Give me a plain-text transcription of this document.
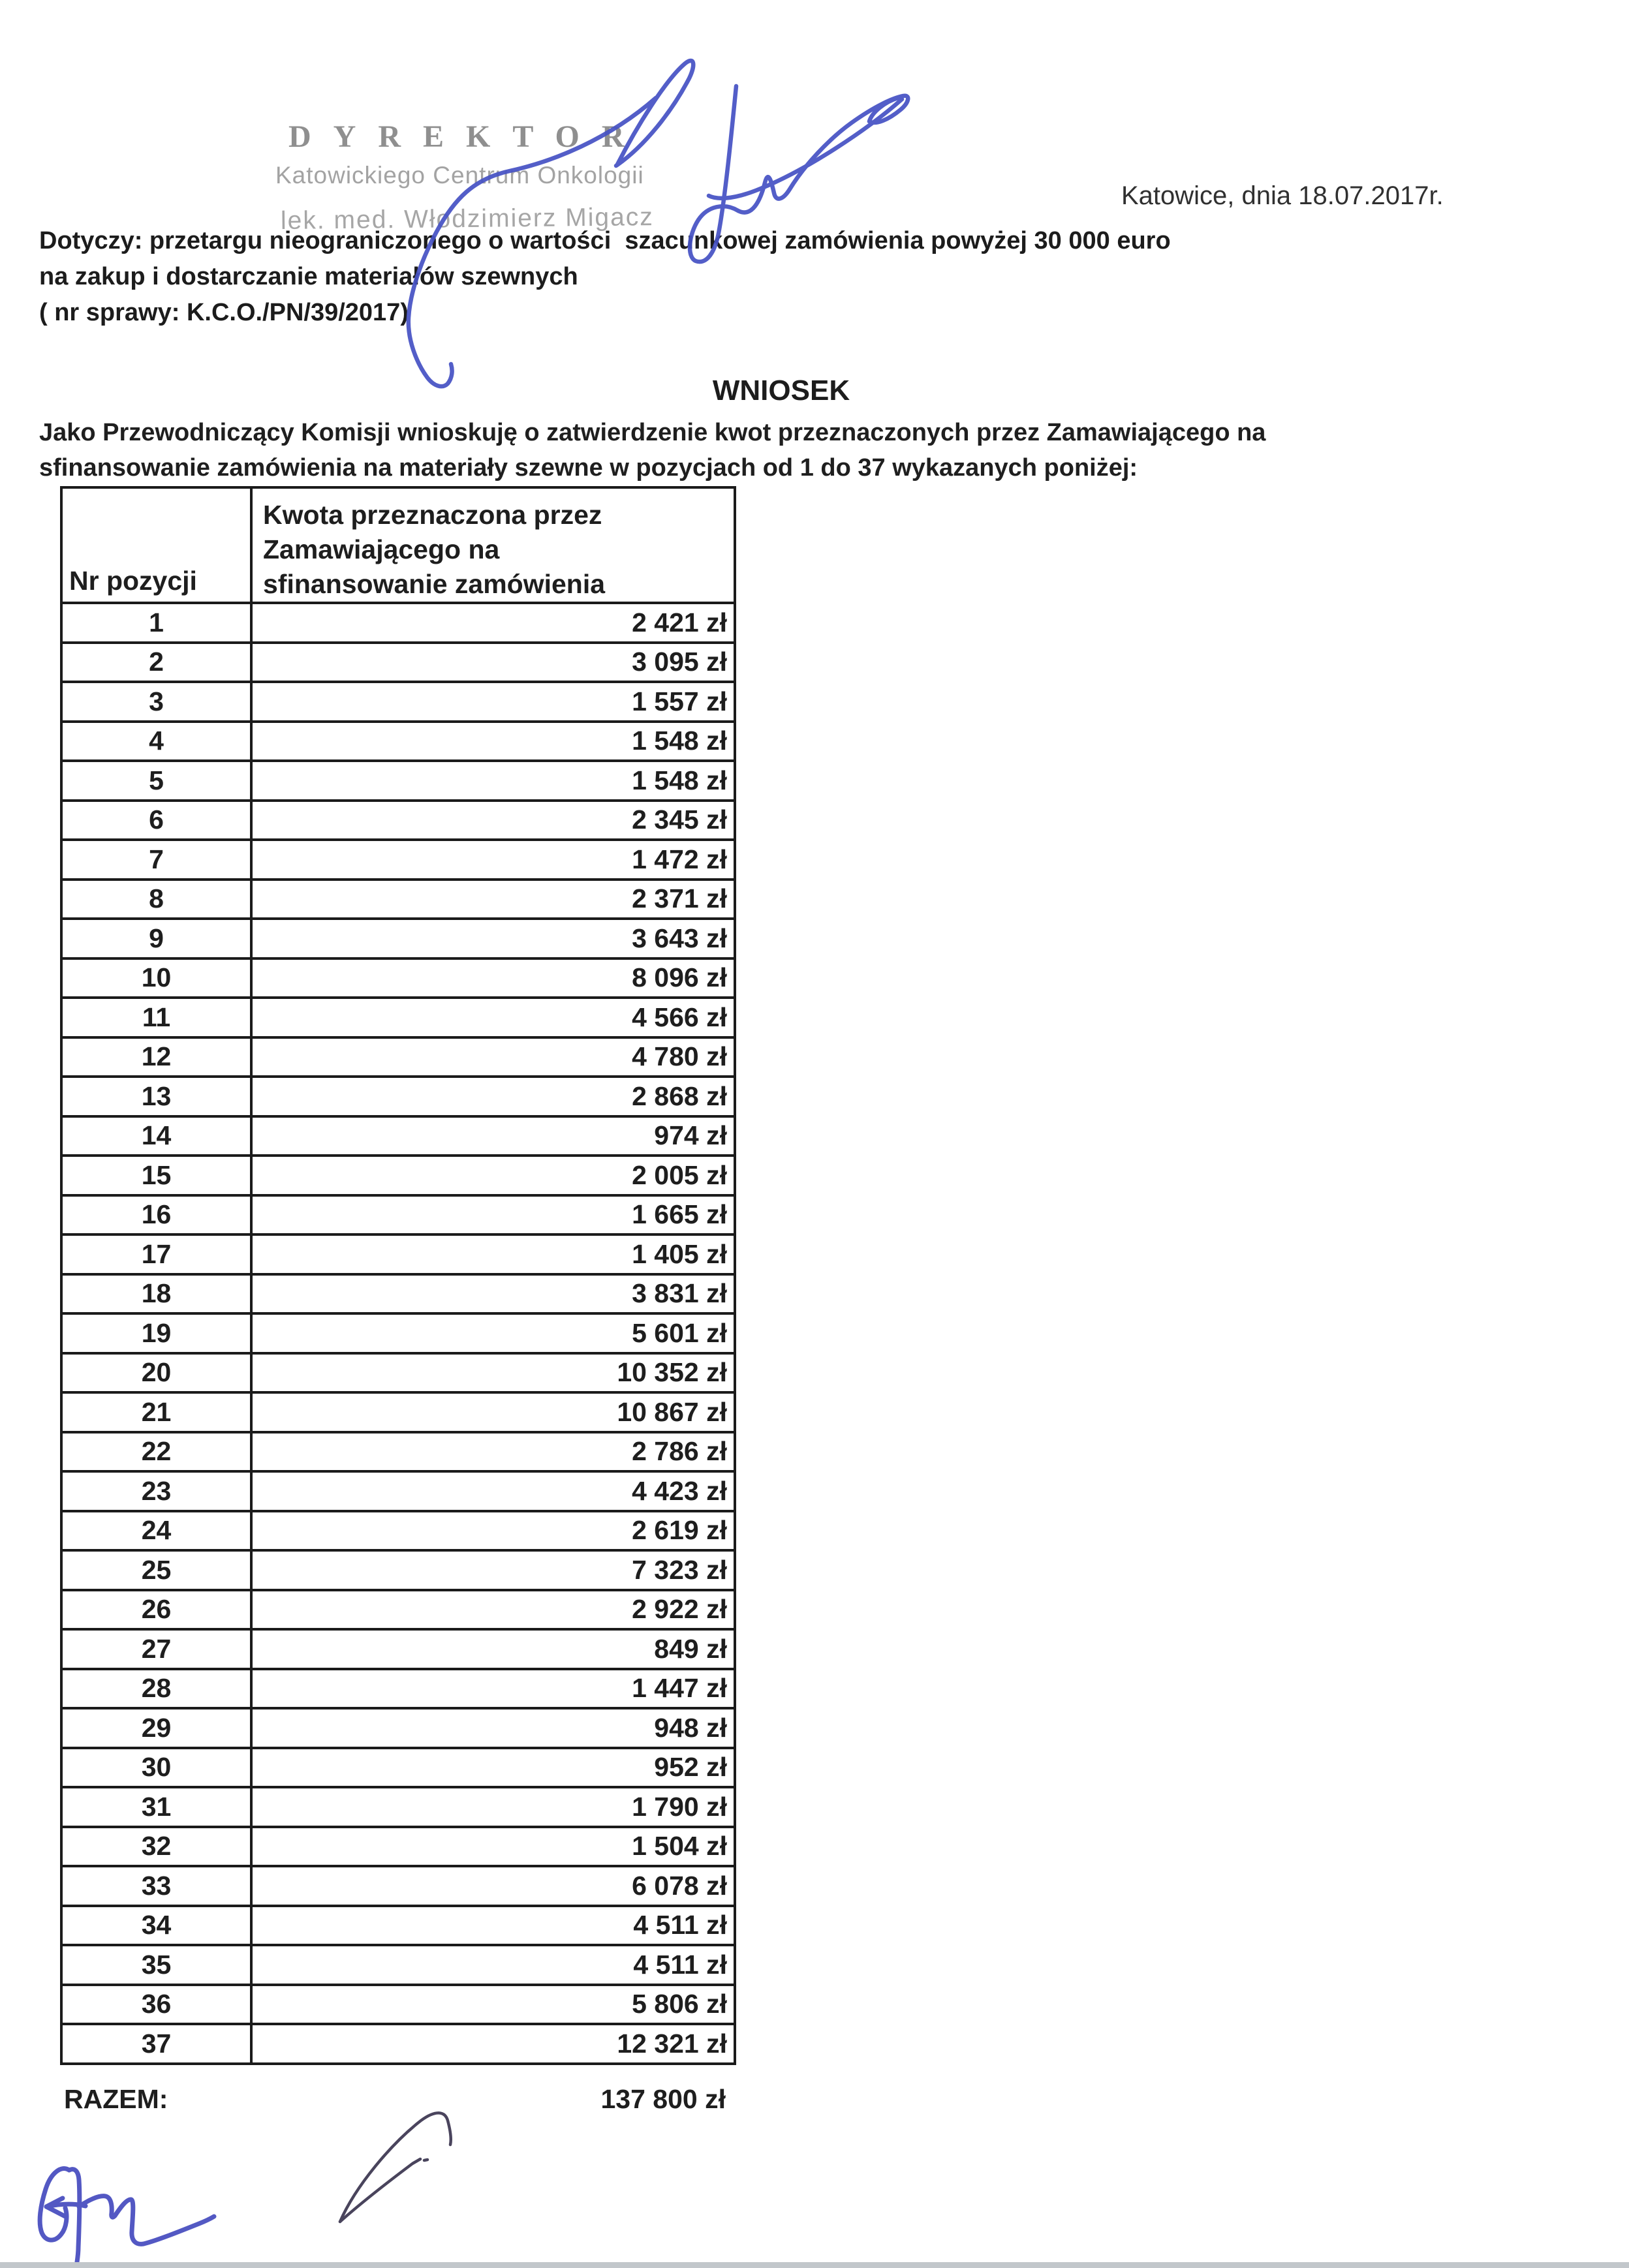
DYREKTOR
Katowickiego Centrum Onkologii
lek. med. Włodzimierz Migacz
Katowice, dnia 18.07.2017r.
Dotyczy: przetargu nieograniczonego o wartości  szacunkowej zamówienia powyżej 30 000 euro
na zakup i dostarczanie materiałów szewnych
( nr sprawy: K.C.O./PN/39/2017)
WNIOSEK
Jako Przewodniczący Komisji wnioskuję o zatwierdzenie kwot przeznaczonych przez Zamawiającego na
sfinansowanie zamówienia na materiały szewne w pozycjach od 1 do 37 wykazanych poniżej:
Nr pozycji
Kwota przeznaczona przez
Zamawiającego na
sfinansowanie zamówienia
1	2 421 zł
2	3 095 zł
3	1 557 zł
4	1 548 zł
5	1 548 zł
6	2 345 zł
7	1 472 zł
8	2 371 zł
9	3 643 zł
10	8 096 zł
11	4 566 zł
12	4 780 zł
13	2 868 zł
14	974 zł
15	2 005 zł
16	1 665 zł
17	1 405 zł
18	3 831 zł
19	5 601 zł
20	10 352 zł
21	10 867 zł
22	2 786 zł
23	4 423 zł
24	2 619 zł
25	7 323 zł
26	2 922 zł
27	849 zł
28	1 447 zł
29	948 zł
30	952 zł
31	1 790 zł
32	1 504 zł
33	6 078 zł
34	4 511 zł
35	4 511 zł
36	5 806 zł
37	12 321 zł
RAZEM:	137 800 zł
